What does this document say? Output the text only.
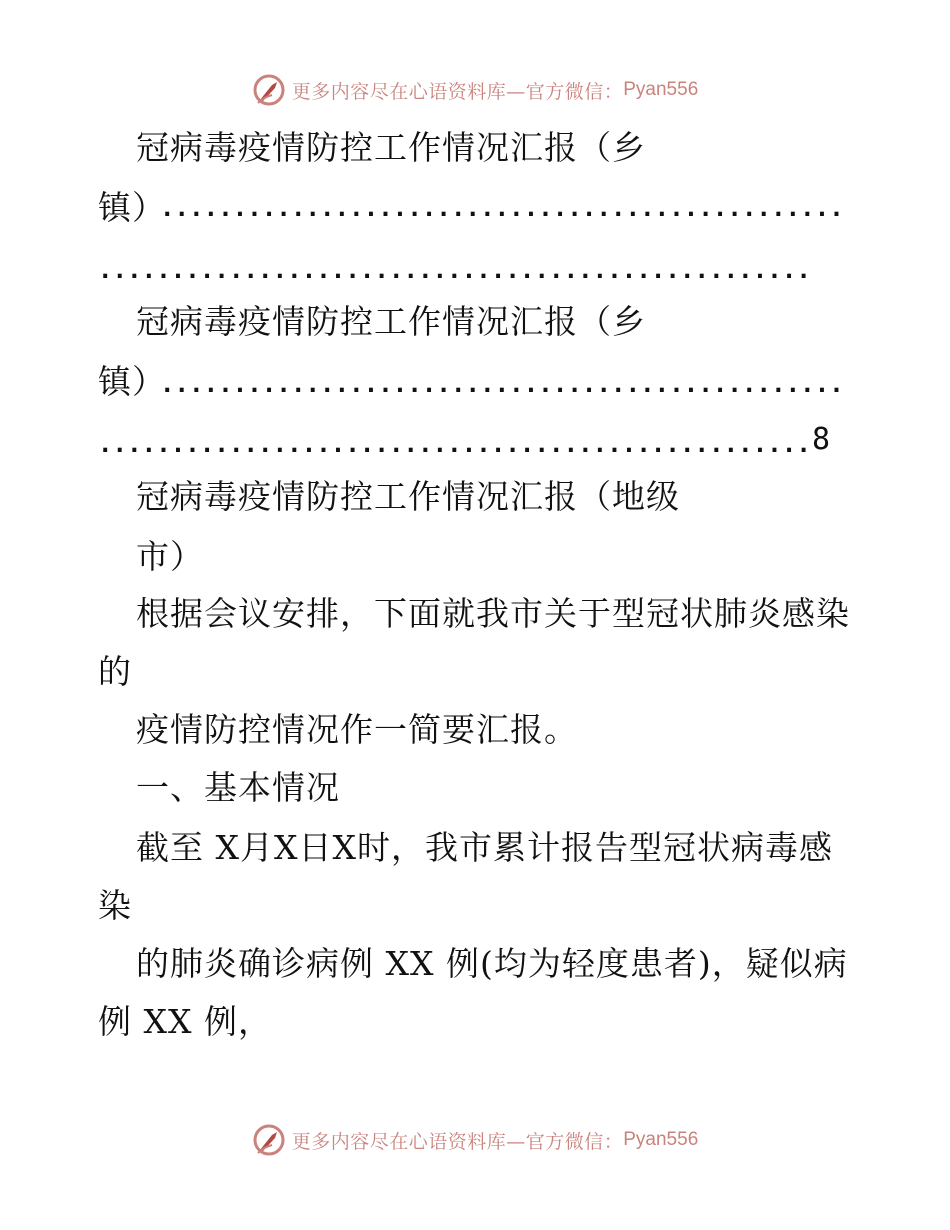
更多内容尽在心语资料库—官方微信： Pyan556
冠病毒疫情防控工作情况汇报（乡
镇）
...............................................
.................................................
冠病毒疫情防控工作情况汇报（乡
镇）
...............................................
................................................. 8
冠病毒疫情防控工作情况汇报（地级
市）
根据会议安排，下面就我市关于型冠状肺炎感染
的
疫情防控情况作一简要汇报。
一、基本情况
截至 X月X日X时，我市累计报告型冠状病毒感
染
的肺炎确诊病例 XX 例(均为轻度患者)，疑似病
例 XX 例，
更多内容尽在心语资料库—官方微信： Pyan556
